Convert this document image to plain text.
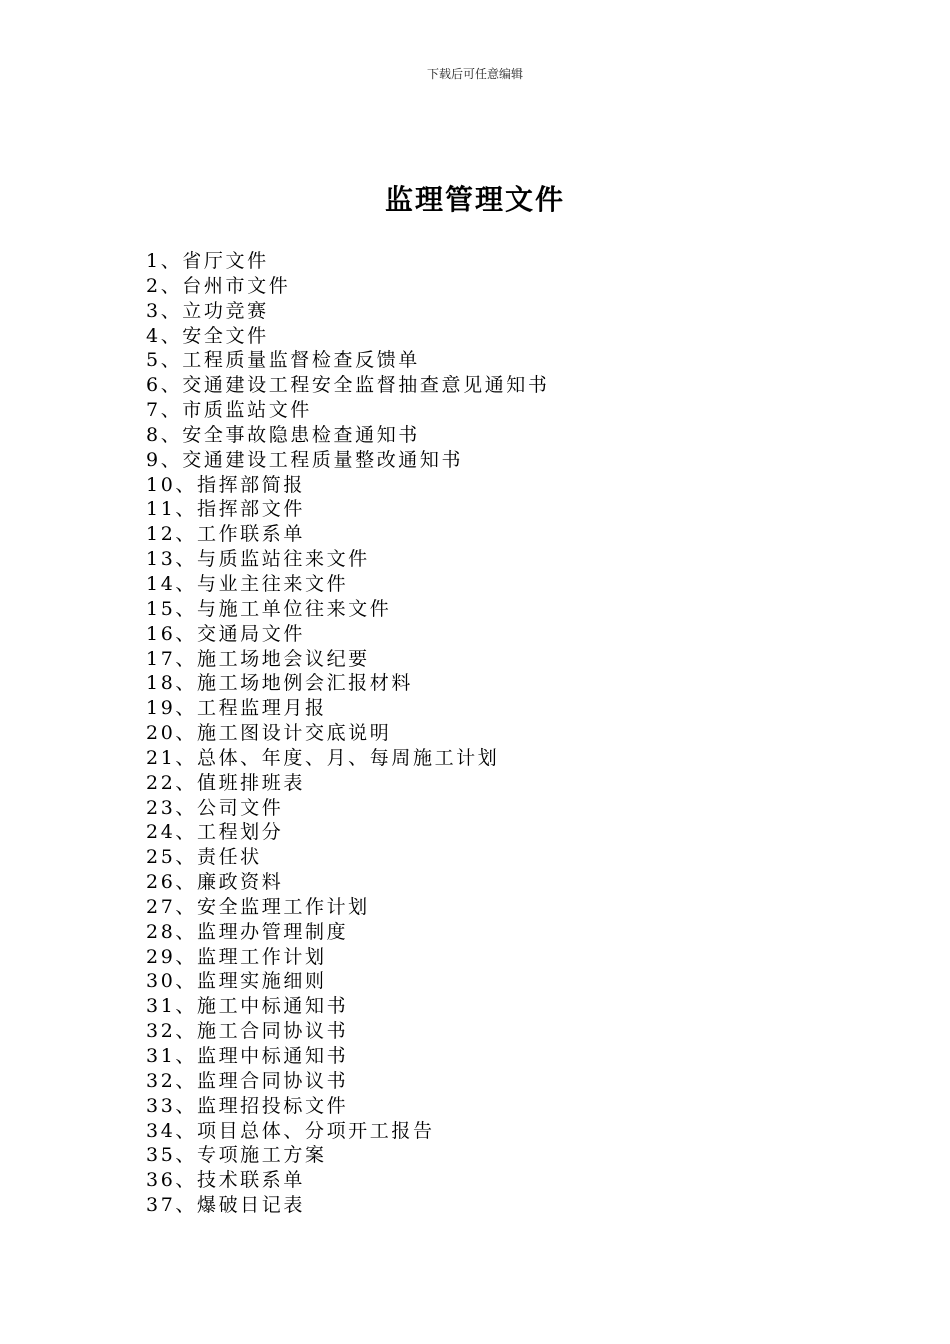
下载后可任意编辑
监理管理文件
1、省厅文件
2、台州市文件
3、立功竞赛
4、安全文件
5、工程质量监督检查反馈单
6、交通建设工程安全监督抽查意见通知书
7、市质监站文件
8、安全事故隐患检查通知书
9、交通建设工程质量整改通知书
10、指挥部简报
11、指挥部文件
12、工作联系单
13、与质监站往来文件
14、与业主往来文件
15、与施工单位往来文件
16、交通局文件
17、施工场地会议纪要
18、施工场地例会汇报材料
19、工程监理月报
20、施工图设计交底说明
21、总体、年度、月、每周施工计划
22、值班排班表
23、公司文件
24、工程划分
25、责任状
26、廉政资料
27、安全监理工作计划
28、监理办管理制度
29、监理工作计划
30、监理实施细则
31、施工中标通知书
32、施工合同协议书
31、监理中标通知书
32、监理合同协议书
33、监理招投标文件
34、项目总体、分项开工报告
35、专项施工方案
36、技术联系单
37、爆破日记表
